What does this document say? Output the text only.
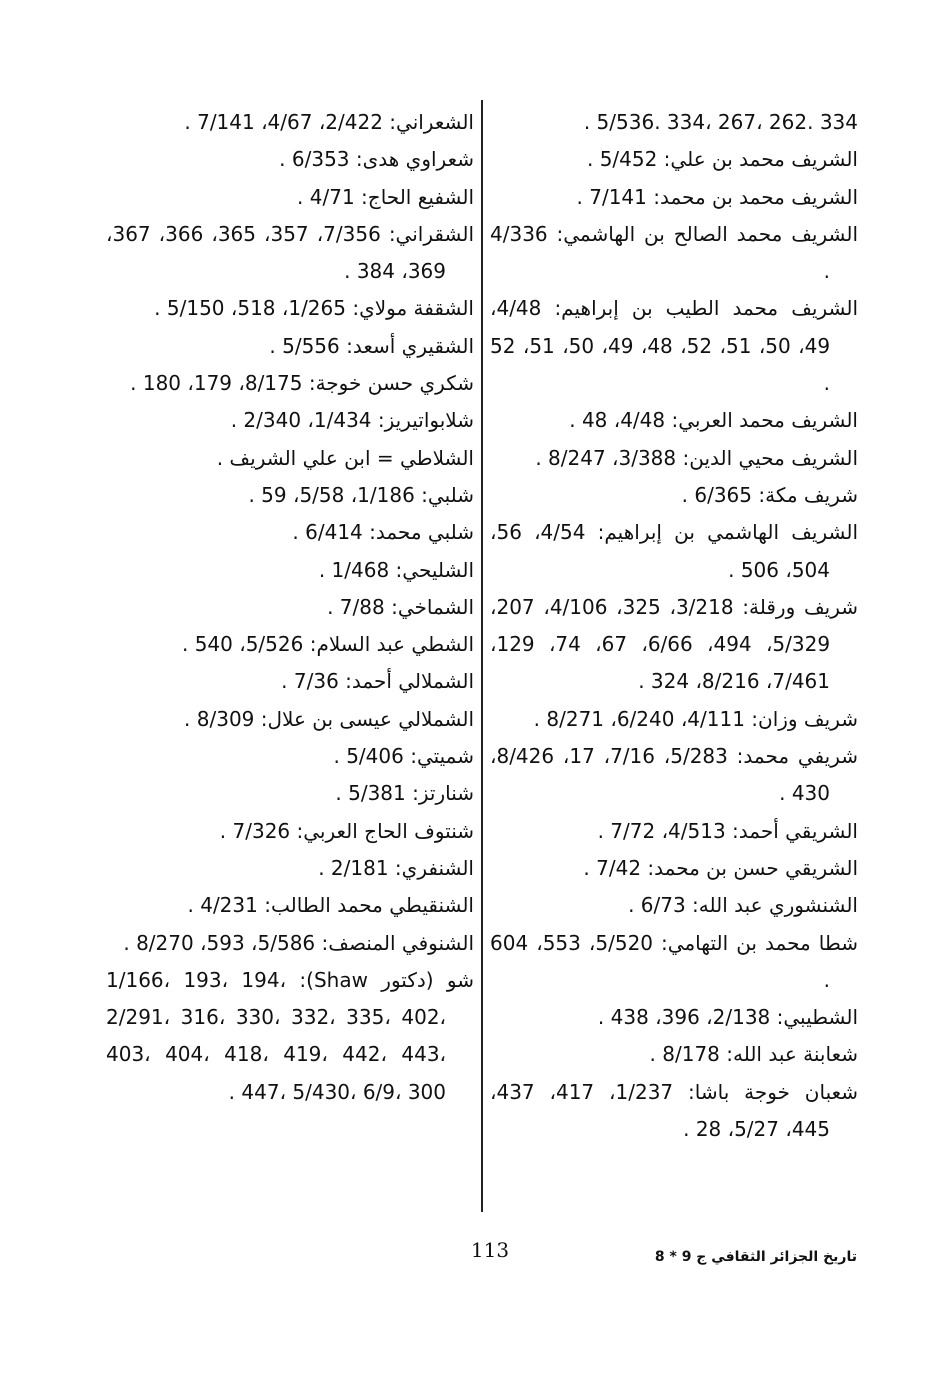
334 .262 ،267 ،334 .5/536 .
الشريف محمد بن علي: 5/452 .
الشريف محمد بن محمد: 7/141 .
الشريف محمد الصالح بن الهاشمي: 4/336 .
الشريف محمد الطيب بن إبراهيم: 4/48، 49، 50، 51، 52، 48، 49، 50، 51، 52 .
الشريف محمد العربي: 4/48، 48 .
الشريف محيي الدين: 3/388، 8/247 .
شريف مكة: 6/365 .
الشريف الهاشمي بن إبراهيم: 4/54، 56، 504، 506 .
شريف ورقلة: 3/218، 325، 4/106، 207، 5/329، 494، 6/66، 67، 74، 129، 7/461، 8/216، 324 .
شريف وزان: 4/111، 6/240، 8/271 .
شريفي محمد: 5/283، 7/16، 17، 8/426، 430 .
الشريقي أحمد: 4/513، 7/72 .
الشريقي حسن بن محمد: 7/42 .
الشنشوري عبد الله: 6/73 .
شطا محمد بن التهامي: 5/520، 553، 604 .
الشطيبي: 2/138، 396، 438 .
شعابنة عبد الله: 8/178 .
شعبان خوجة باشا: 1/237، 417، 437، 445، 5/27، 28 .
الشعراني: 2/422، 4/67، 7/141 .
شعراوي هدى: 6/353 .
الشفيع الحاج: 4/71 .
الشقراني: 7/356، 357، 365، 366، 367، 369، 384 .
الشقفة مولاي: 1/265، 518، 5/150 .
الشقيري أسعد: 5/556 .
شكري حسن خوجة: 8/175، 179، 180 .
شلابواتيريز: 1/434، 2/340 .
الشلاطي = ابن علي الشريف .
شلبي: 1/186، 5/58، 59 .
شلبي محمد: 6/414 .
الشليحي: 1/468 .
الشماخي: 7/88 .
الشطي عبد السلام: 5/526، 540 .
الشملالي أحمد: 7/36 .
الشملالي عيسى بن علال: 8/309 .
شميتي: 5/406 .
شنارتز: 5/381 .
شنتوف الحاج العربي: 7/326 .
الشنفري: 2/181 .
الشنقيطي محمد الطالب: 4/231 .
الشنوفي المنصف: 5/586، 593، 8/270 .
شو (دكتور Shaw): 1/166، 193، 194، 2/291، 316، 330، 332، 335، 402، 403، 404، 418، 419، 442، 443، 447، 5/430، 6/9، 300 .
113	تاريخ الجزائر الثقافي ج 9 * 8
